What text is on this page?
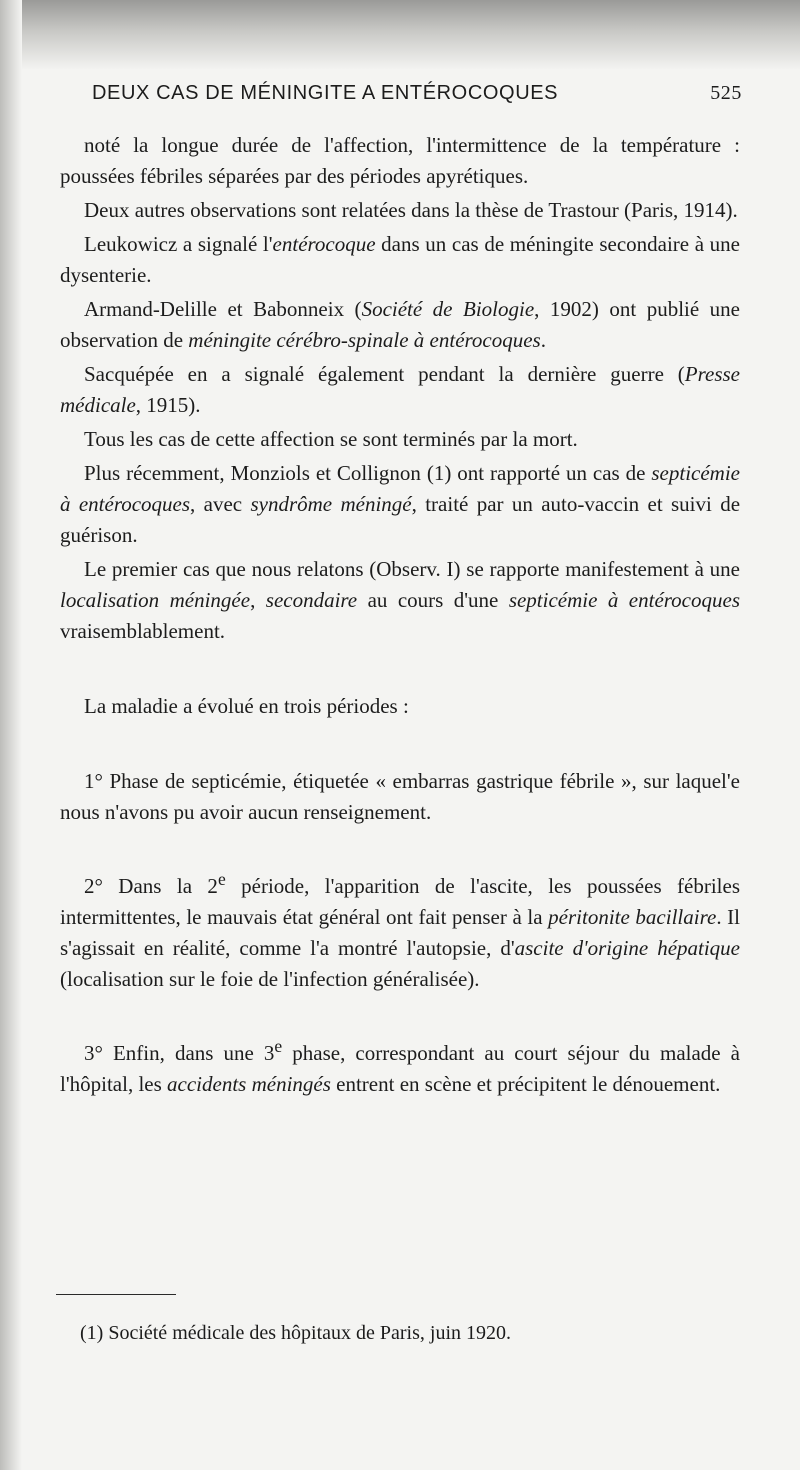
DEUX CAS DE MÉNINGITE A ENTÉROCOQUES	525

noté la longue durée de l'affection, l'intermittence de la température : poussées fébriles séparées par des périodes apyrétiques.

Deux autres observations sont relatées dans la thèse de Trastour (Paris, 1914).

Leukowicz a signalé l'entérocoque dans un cas de méningite secondaire à une dysenterie.

Armand-Delille et Babonneix (Société de Biologie, 1902) ont publié une observation de méningite cérébro-spinale à entérocoques.

Sacquépée en a signalé également pendant la dernière guerre (Presse médicale, 1915).

Tous les cas de cette affection se sont terminés par la mort.

Plus récemment, Monziols et Collignon (1) ont rapporté un cas de septicémie à entérocoques, avec syndrôme méningé, traité par un auto-vaccin et suivi de guérison.

Le premier cas que nous relatons (Observ. I) se rapporte manifestement à une localisation méningée, secondaire au cours d'une septicémie à entérocoques vraisemblablement.

La maladie a évolué en trois périodes :

1° Phase de septicémie, étiquetée « embarras gastrique fébrile », sur laquel'e nous n'avons pu avoir aucun renseignement.

2° Dans la 2e période, l'apparition de l'ascite, les poussées fébriles intermittentes, le mauvais état général ont fait penser à la péritonite bacillaire. Il s'agissait en réalité, comme l'a montré l'autopsie, d'ascite d'origine hépatique (localisation sur le foie de l'infection généralisée).

3° Enfin, dans une 3e phase, correspondant au court séjour du malade à l'hôpital, les accidents méningés entrent en scène et précipitent le dénouement.

(1) Société médicale des hôpitaux de Paris, juin 1920.
